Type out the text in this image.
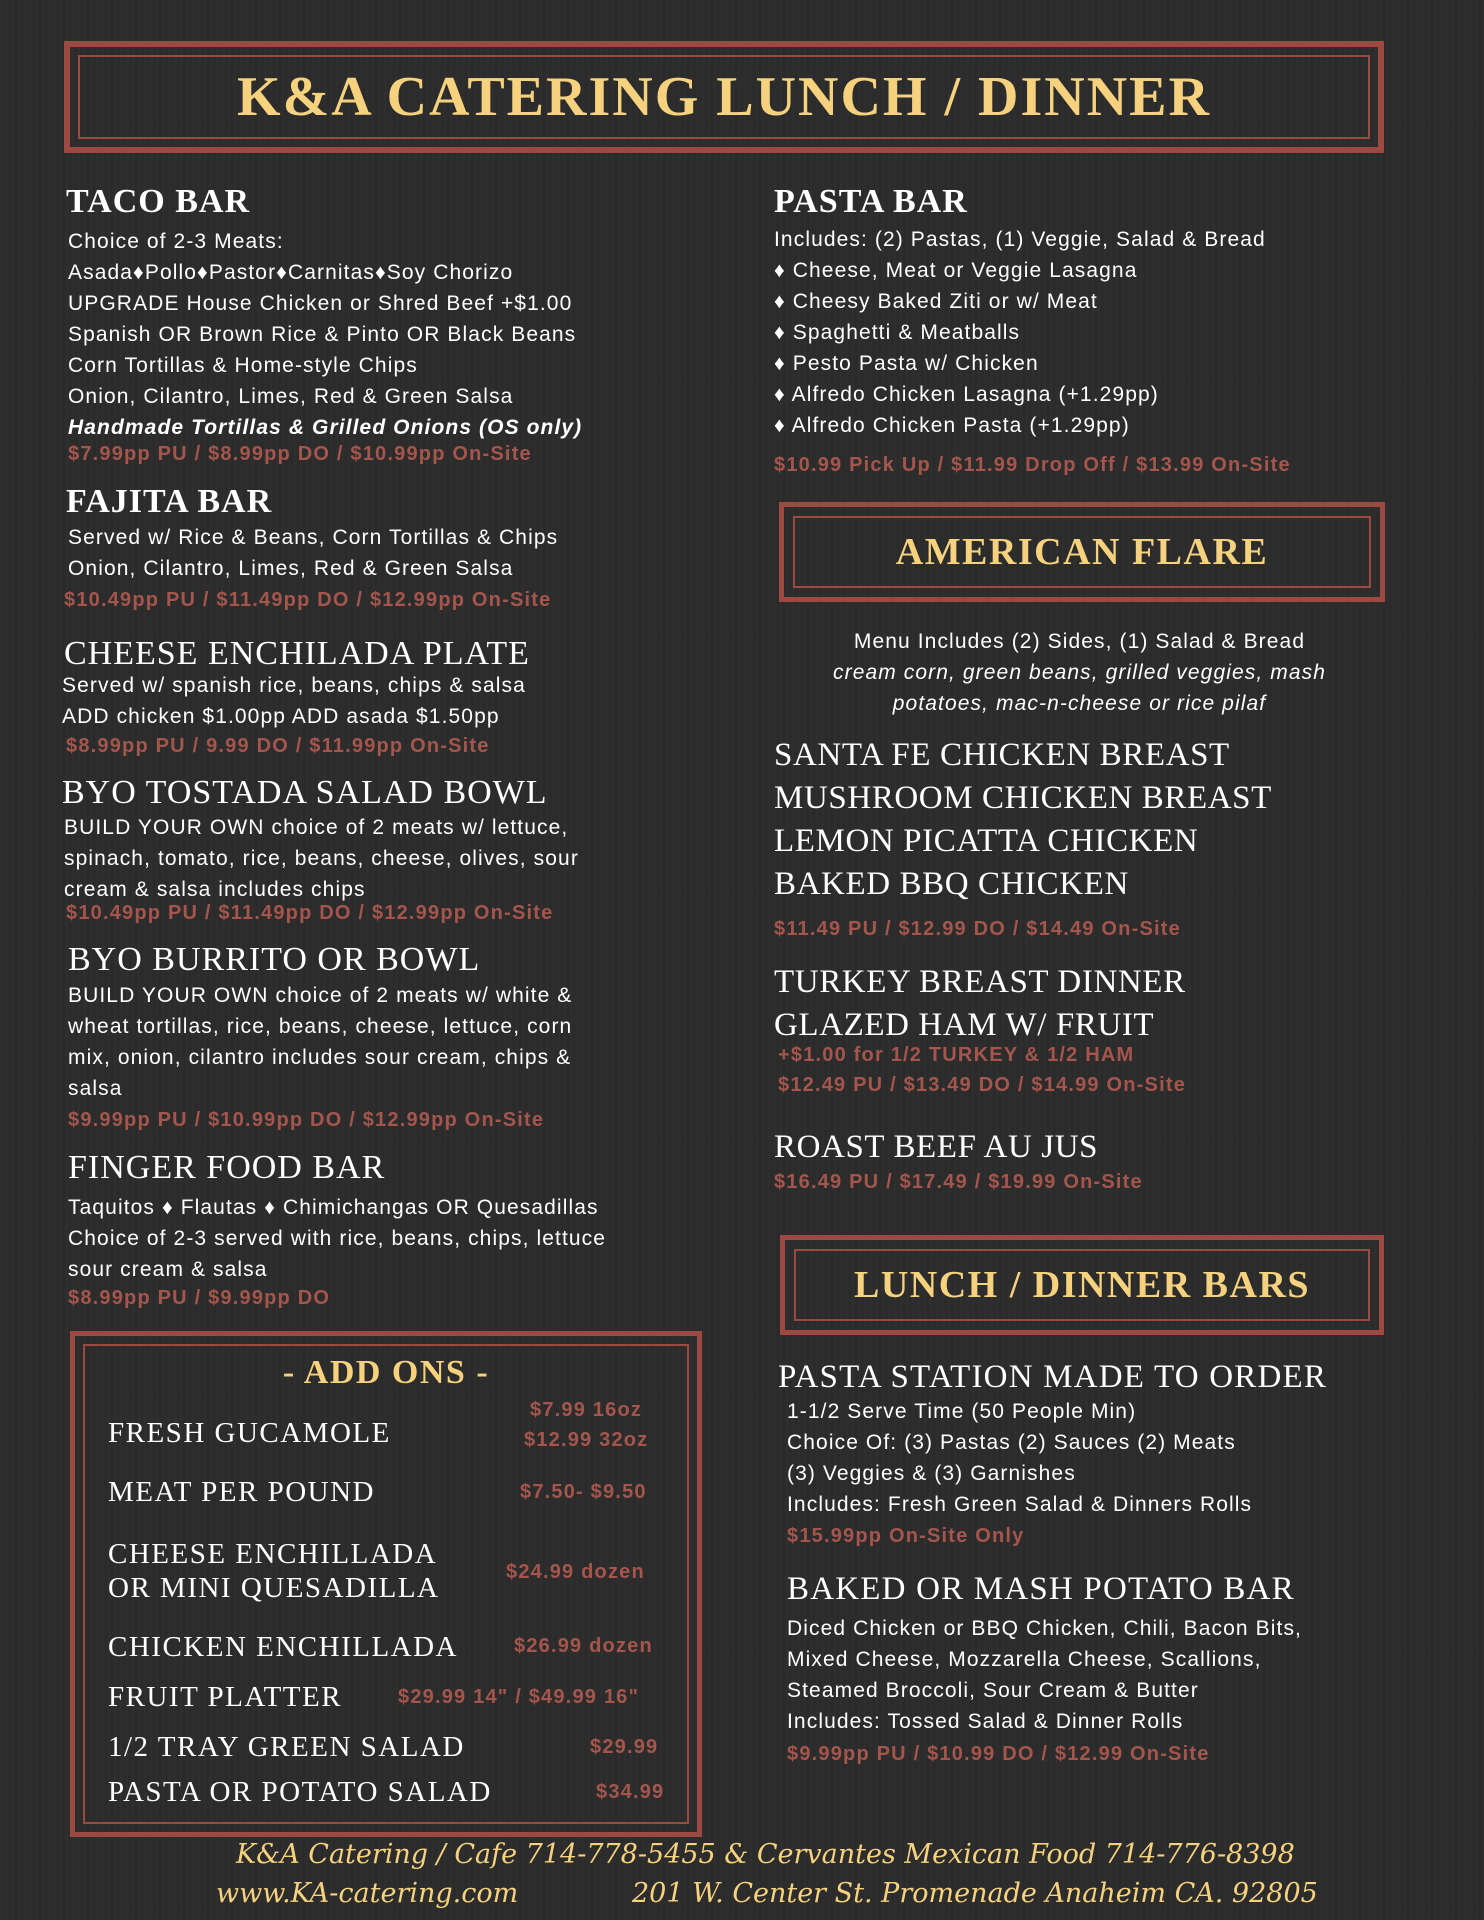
K&A CATERING LUNCH / DINNER
TACO BAR
Choice of 2-3 Meats:
Asada♦Pollo♦Pastor♦Carnitas♦Soy Chorizo
UPGRADE House Chicken or Shred Beef +$1.00
Spanish OR Brown Rice & Pinto OR Black Beans
Corn Tortillas & Home-style Chips
Onion, Cilantro, Limes, Red & Green Salsa
Handmade Tortillas & Grilled Onions (OS only)
$7.99pp PU / $8.99pp DO / $10.99pp On-Site
FAJITA BAR
Served w/ Rice & Beans, Corn Tortillas & Chips
Onion, Cilantro, Limes, Red & Green Salsa
$10.49pp PU / $11.49pp DO / $12.99pp On-Site
CHEESE ENCHILADA PLATE
Served w/ spanish rice, beans, chips & salsa
ADD chicken $1.00pp ADD asada $1.50pp
$8.99pp PU / 9.99 DO / $11.99pp On-Site
BYO TOSTADA SALAD BOWL
BUILD YOUR OWN choice of 2 meats w/ lettuce,
spinach, tomato, rice, beans, cheese, olives, sour
cream & salsa includes chips
$10.49pp PU / $11.49pp DO / $12.99pp On-Site
BYO BURRITO OR BOWL
BUILD YOUR OWN choice of 2 meats w/ white &
wheat tortillas, rice, beans, cheese, lettuce, corn
mix, onion, cilantro includes sour cream, chips &
salsa
$9.99pp PU / $10.99pp DO / $12.99pp On-Site
FINGER FOOD BAR
Taquitos ♦ Flautas ♦ Chimichangas OR Quesadillas
Choice of 2-3 served with rice, beans, chips, lettuce
sour cream & salsa
$8.99pp PU / $9.99pp DO
- ADD ONS -
FRESH GUCAMOLE
$7.99 16oz
$12.99 32oz
MEAT PER POUND	$7.50- $9.50
CHEESE ENCHILLADA
OR MINI QUESADILLA	$24.99 dozen
CHICKEN ENCHILLADA	$26.99 dozen
FRUIT PLATTER	$29.99 14" / $49.99 16"
1/2 TRAY GREEN SALAD	$29.99
PASTA OR POTATO SALAD	$34.99
PASTA BAR
Includes: (2) Pastas, (1) Veggie, Salad & Bread
♦ Cheese, Meat or Veggie Lasagna
♦ Cheesy Baked Ziti or w/ Meat
♦ Spaghetti & Meatballs
♦ Pesto Pasta w/ Chicken
♦ Alfredo Chicken Lasagna (+1.29pp)
♦ Alfredo Chicken Pasta (+1.29pp)
$10.99 Pick Up / $11.99 Drop Off / $13.99 On-Site
AMERICAN FLARE
Menu Includes (2) Sides, (1) Salad & Bread
cream corn, green beans, grilled veggies, mash
potatoes, mac-n-cheese or rice pilaf
SANTA FE CHICKEN BREAST
MUSHROOM CHICKEN BREAST
LEMON PICATTA CHICKEN
BAKED BBQ CHICKEN
$11.49 PU / $12.99 DO / $14.49 On-Site
TURKEY BREAST DINNER
GLAZED HAM W/ FRUIT
+$1.00 for 1/2 TURKEY & 1/2 HAM
$12.49 PU / $13.49 DO / $14.99 On-Site
ROAST BEEF AU JUS
$16.49 PU / $17.49 / $19.99 On-Site
LUNCH / DINNER BARS
PASTA STATION MADE TO ORDER
1-1/2 Serve Time (50 People Min)
Choice Of: (3) Pastas (2) Sauces (2) Meats
(3) Veggies & (3) Garnishes
Includes: Fresh Green Salad & Dinners Rolls
$15.99pp On-Site Only
BAKED OR MASH POTATO BAR
Diced Chicken or BBQ Chicken, Chili, Bacon Bits,
Mixed Cheese, Mozzarella Cheese, Scallions,
Steamed Broccoli, Sour Cream & Butter
Includes: Tossed Salad & Dinner Rolls
$9.99pp PU / $10.99 DO / $12.99 On-Site
K&A Catering / Cafe 714-778-5455 & Cervantes Mexican Food 714-776-8398
www.KA-catering.com	201 W. Center St. Promenade Anaheim CA. 92805
